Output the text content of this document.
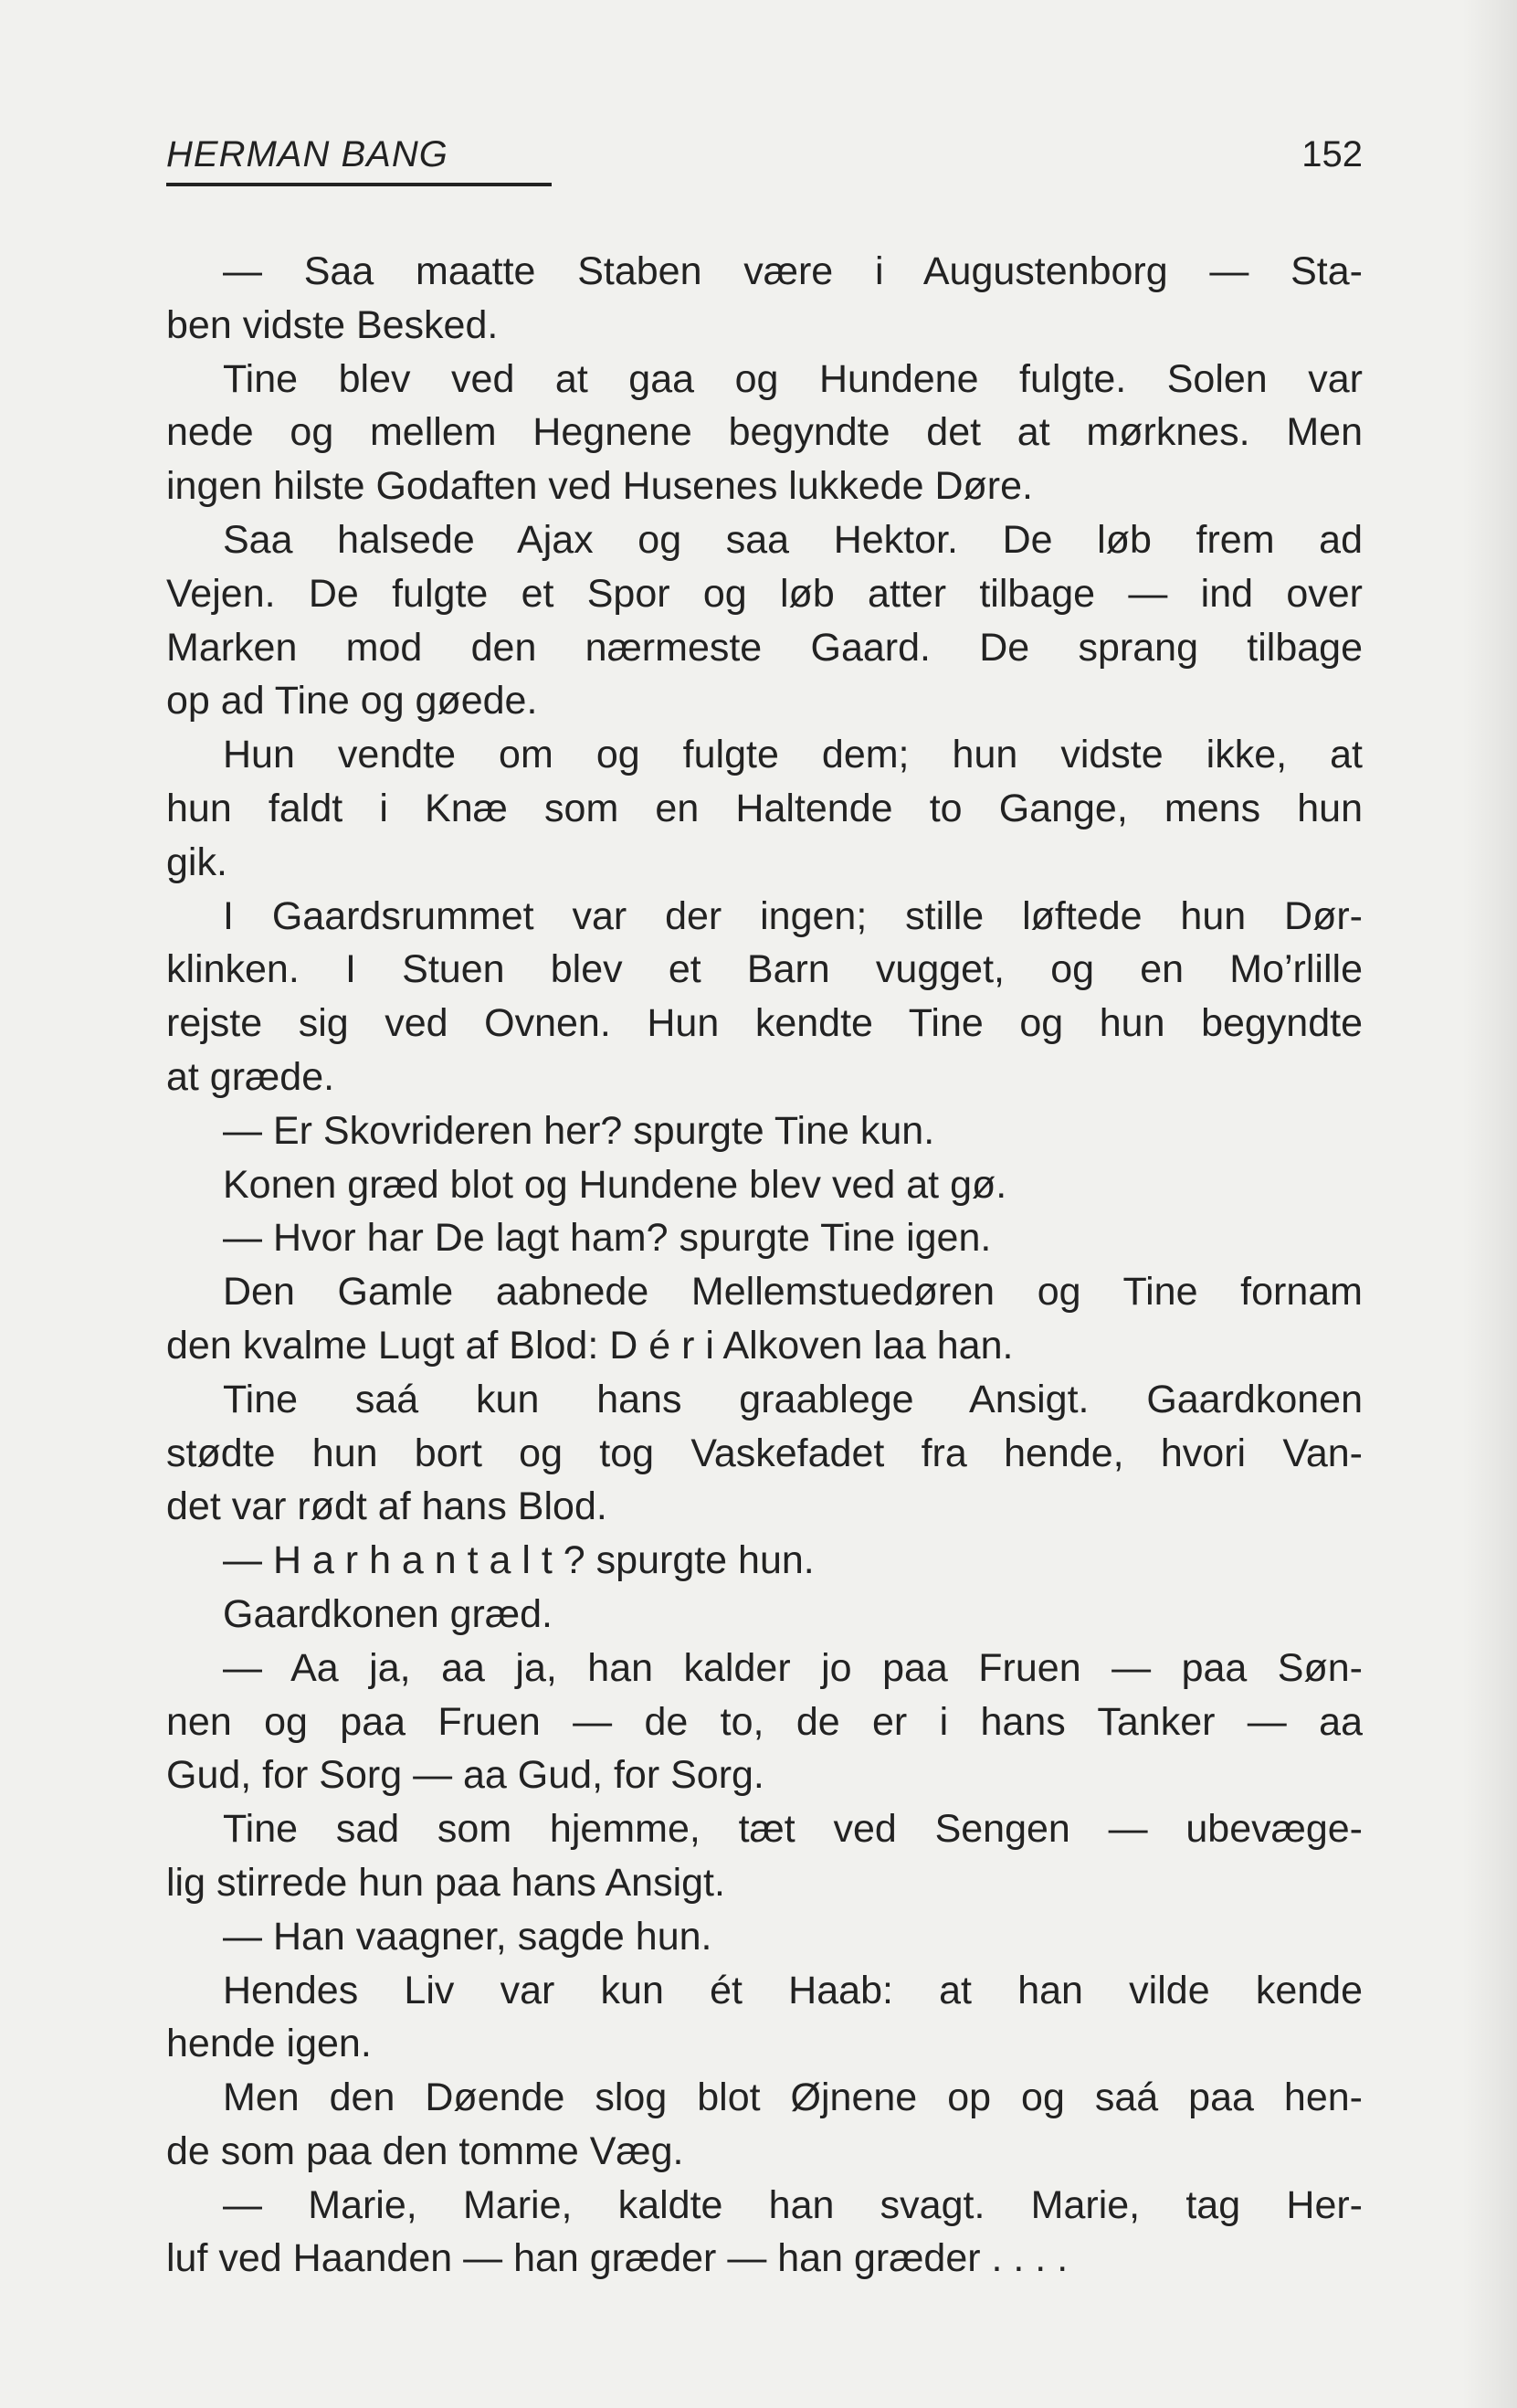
HERMAN BANG	152
— Saa maatte Staben være i Augustenborg — Sta-
ben vidste Besked.
Tine blev ved at gaa og Hundene fulgte. Solen var
nede og mellem Hegnene begyndte det at mørknes. Men
ingen hilste Godaften ved Husenes lukkede Døre.
Saa halsede Ajax og saa Hektor. De løb frem ad
Vejen. De fulgte et Spor og løb atter tilbage — ind over
Marken mod den nærmeste Gaard. De sprang tilbage
op ad Tine og gøede.
Hun vendte om og fulgte dem; hun vidste ikke, at
hun faldt i Knæ som en Haltende to Gange, mens hun
gik.
I Gaardsrummet var der ingen; stille løftede hun Dør-
klinken. I Stuen blev et Barn vugget, og en Mo’rlille
rejste sig ved Ovnen. Hun kendte Tine og hun begyndte
at græde.
— Er Skovrideren her? spurgte Tine kun.
Konen græd blot og Hundene blev ved at gø.
— Hvor har De lagt ham? spurgte Tine igen.
Den Gamle aabnede Mellemstuedøren og Tine fornam
den kvalme Lugt af Blod: D é r i Alkoven laa han.
Tine saá kun hans graablege Ansigt. Gaardkonen
stødte hun bort og tog Vaskefadet fra hende, hvori Van-
det var rødt af hans Blod.
— H a r h a n t a l t ? spurgte hun.
Gaardkonen græd.
— Aa ja, aa ja, han kalder jo paa Fruen — paa Søn-
nen og paa Fruen — de to, de er i hans Tanker — aa
Gud, for Sorg — aa Gud, for Sorg.
Tine sad som hjemme, tæt ved Sengen — ubevæge-
lig stirrede hun paa hans Ansigt.
— Han vaagner, sagde hun.
Hendes Liv var kun ét Haab: at han vilde kende
hende igen.
Men den Døende slog blot Øjnene op og saá paa hen-
de som paa den tomme Væg.
— Marie, Marie, kaldte han svagt. Marie, tag Her-
luf ved Haanden — han græder — han græder . . . .
